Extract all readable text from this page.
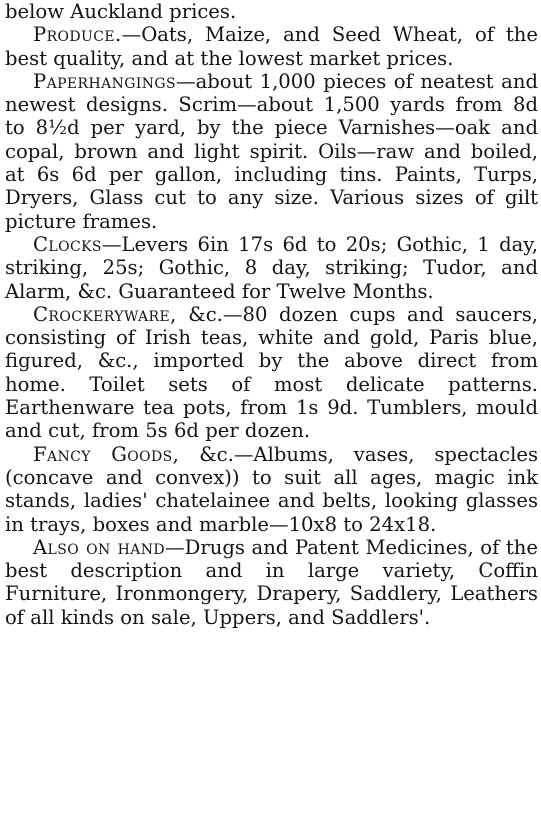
below Auckland prices.

Produce.—Oats, Maize, and Seed Wheat, of the best quality, and at the lowest market prices.

Paperhangings—about 1,000 pieces of neatest and newest designs. Scrim—about 1,500 yards from 8d to 8½d per yard, by the piece Varnishes—oak and copal, brown and light spirit. Oils—raw and boiled, at 6s 6d per gallon, including tins. Paints, Turps, Dryers, Glass cut to any size. Various sizes of gilt picture frames.

Clocks—Levers 6in 17s 6d to 20s; Gothic, 1 day, striking, 25s; Gothic, 8 day, striking; Tudor, and Alarm, &c. Guaranteed for Twelve Months.

Crockeryware, &c.—80 dozen cups and saucers, consisting of Irish teas, white and gold, Paris blue, figured, &c., imported by the above direct from home. Toilet sets of most delicate patterns. Earthenware tea pots, from 1s 9d. Tumblers, mould and cut, from 5s 6d per dozen.

Fancy Goods, &c.—Albums, vases, spectacles (concave and convex)) to suit all ages, magic ink stands, ladies' chatelainee and belts, looking glasses in trays, boxes and marble—10x8 to 24x18.

Also on hand—Drugs and Patent Medicines, of the best description and in large variety, Coffin Furniture, Ironmongery, Drapery, Saddlery, Leathers of all kinds on sale, Uppers, and Saddlers'.
